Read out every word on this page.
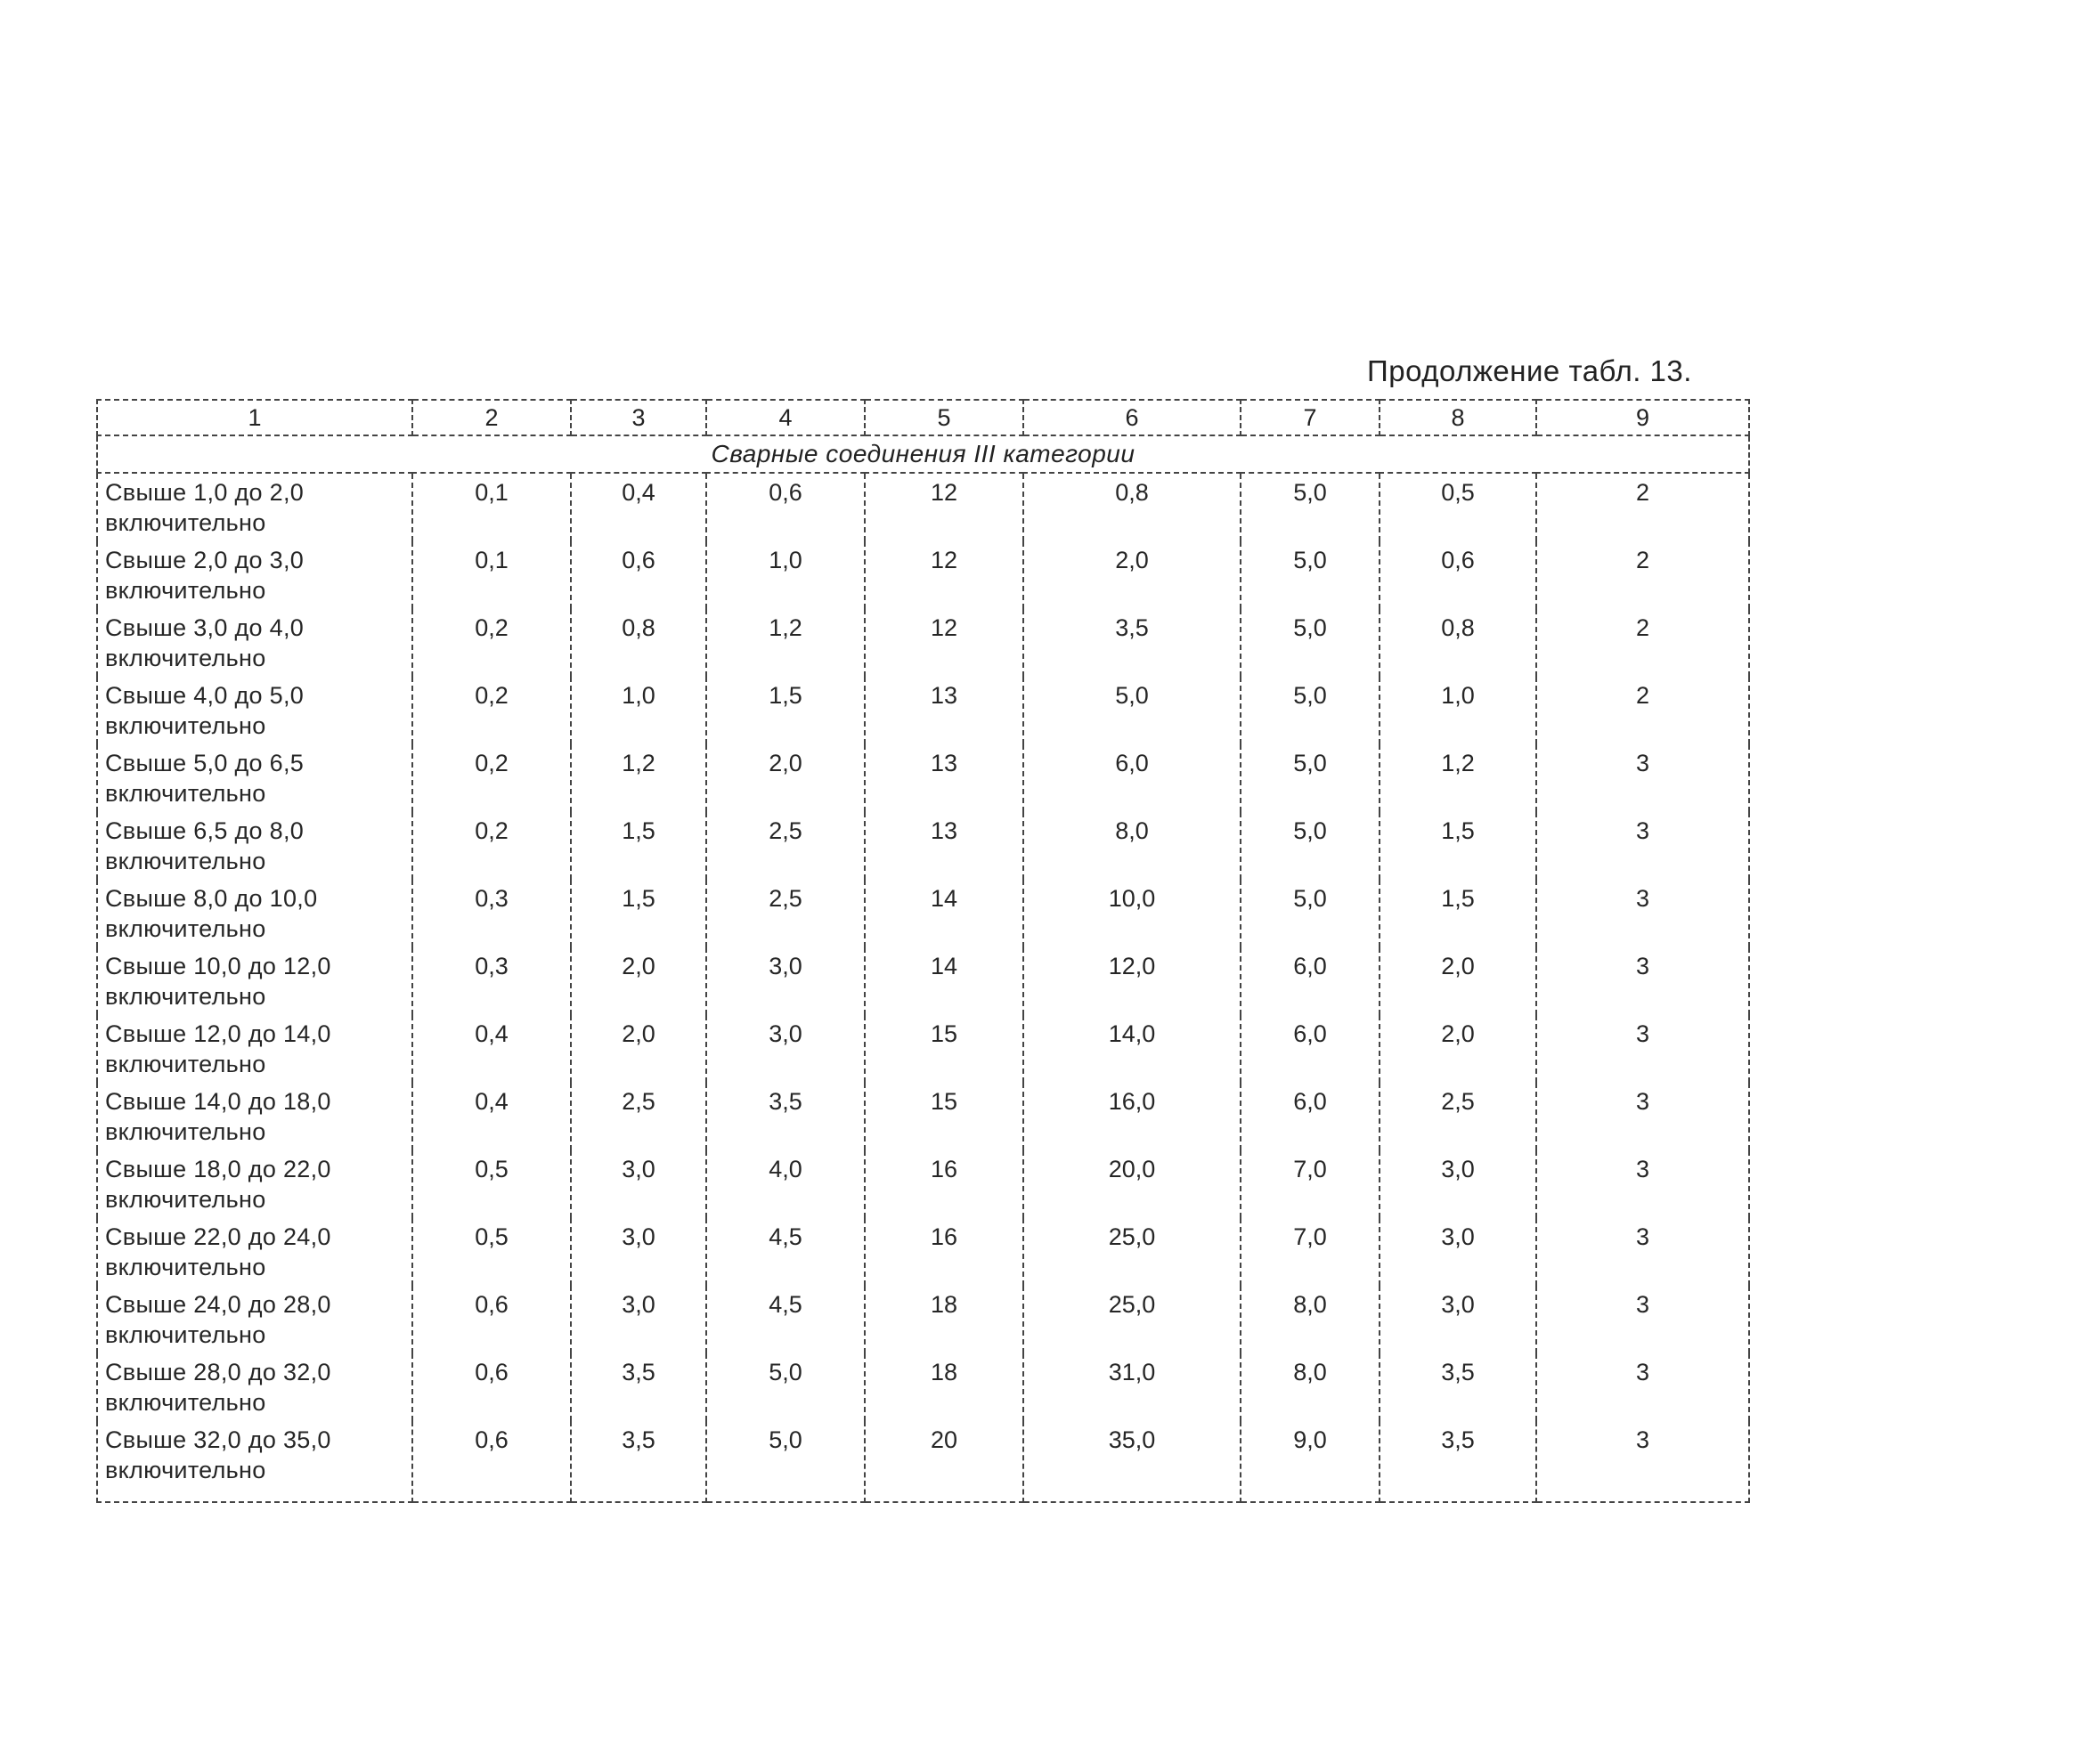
Продолжение табл. 13.
1	2	3	4	5	6	7	8	9
Сварные соединения III категории								
Свыше 1,0 до 2,0 включительно	0,1	0,4	0,6	12	0,8	5,0	0,5	2
Свыше 2,0 до 3,0 включительно	0,1	0,6	1,0	12	2,0	5,0	0,6	2
Свыше 3,0 до 4,0 включительно	0,2	0,8	1,2	12	3,5	5,0	0,8	2
Свыше 4,0 до 5,0 включительно	0,2	1,0	1,5	13	5,0	5,0	1,0	2
Свыше 5,0 до 6,5 включительно	0,2	1,2	2,0	13	6,0	5,0	1,2	3
Свыше 6,5 до 8,0 включительно	0,2	1,5	2,5	13	8,0	5,0	1,5	3
Свыше 8,0 до 10,0 включительно	0,3	1,5	2,5	14	10,0	5,0	1,5	3
Свыше 10,0 до 12,0 включительно	0,3	2,0	3,0	14	12,0	6,0	2,0	3
Свыше 12,0 до 14,0 включительно	0,4	2,0	3,0	15	14,0	6,0	2,0	3
Свыше 14,0 до 18,0 включительно	0,4	2,5	3,5	15	16,0	6,0	2,5	3
Свыше 18,0 до 22,0 включительно	0,5	3,0	4,0	16	20,0	7,0	3,0	3
Свыше 22,0 до 24,0 включительно	0,5	3,0	4,5	16	25,0	7,0	3,0	3
Свыше 24,0 до 28,0 включительно	0,6	3,0	4,5	18	25,0	8,0	3,0	3
Свыше 28,0 до 32,0 включительно	0,6	3,5	5,0	18	31,0	8,0	3,5	3
Свыше 32,0 до 35,0 включительно	0,6	3,5	5,0	20	35,0	9,0	3,5	3
